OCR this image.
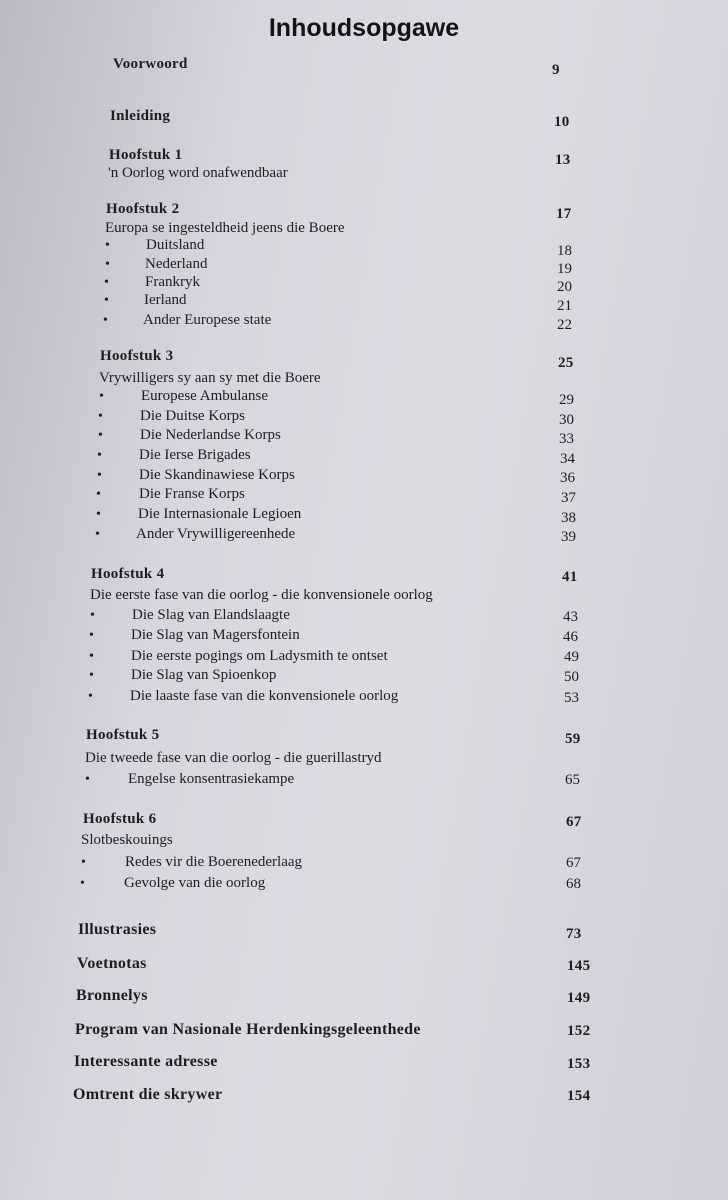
Inhoudsopgawe
Voorwoord	9
Inleiding	10
Hoofstuk 1	13
'n Oorlog word onafwendbaar
Hoofstuk 2	17
Europa se ingesteldheid jeens die Boere
• Duitsland	18
• Nederland	19
• Frankryk	20
• Ierland	21
• Ander Europese state	22
Hoofstuk 3	25
Vrywilligers sy aan sy met die Boere
• Europese Ambulanse	29
• Die Duitse Korps	30
• Die Nederlandse Korps	33
• Die Ierse Brigades	34
• Die Skandinawiese Korps	36
•	Die Franse Korps	37
• Die Internasionale Legioen	38
• Ander Vrywilligereenhede	39
Hoofstuk 4	41
Die eerste fase van die oorlog - die konvensionele oorlog
• Die Slag van Elandslaagte	43
• Die Slag van Magersfontein	46
• Die eerste pogings om Ladysmith te ontset	49
• Die Slag van Spioenkop	50
• Die laaste fase van die konvensionele oorlog	53
Hoofstuk 5	59
Die tweede fase van die oorlog - die guerillastryd
•	Engelse konsentrasiekampe	65
Hoofstuk 6	67
Slotbeskouings
•	Redes vir die Boerenederlaag	67
•	Gevolge van die oorlog	68
Illustrasies	73
Voetnotas	145
Bronnelys	149
Program van Nasionale Herdenkingsgeleenthede	152
Interessante adresse	153
Omtrent die skrywer	154
